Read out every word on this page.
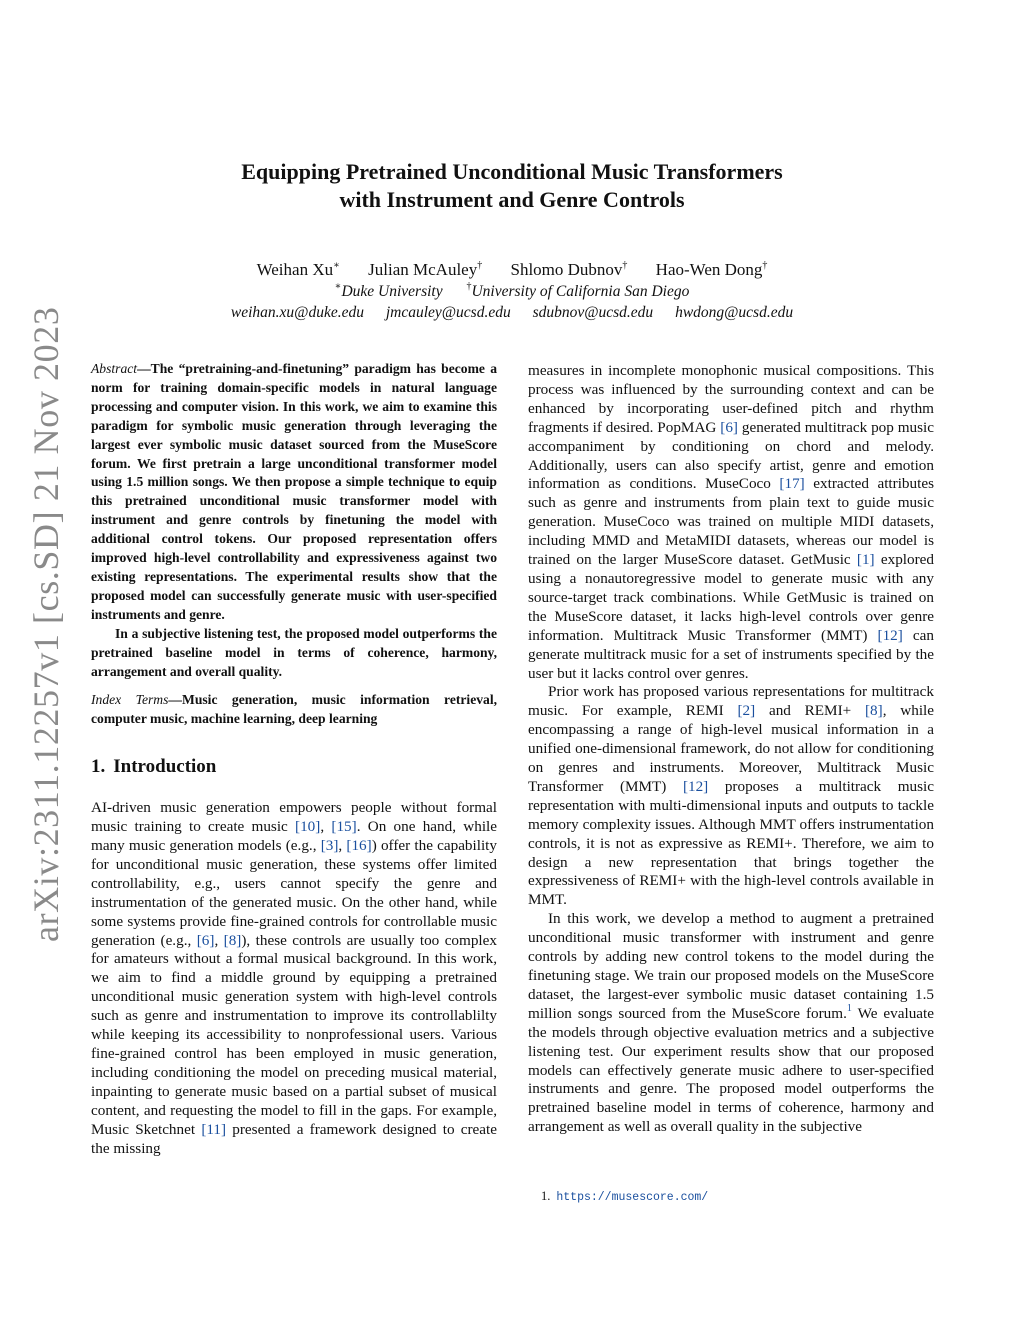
arXiv:2311.12257v1 [cs.SD] 21 Nov 2023
Equipping Pretrained Unconditional Music Transformers
with Instrument and Genre Controls
Weihan Xu∗ Julian McAuley† Shlomo Dubnov† Hao-Wen Dong†
∗Duke University †University of California San Diego
weihan.xu@duke.edu jmcauley@ucsd.edu sdubnov@ucsd.edu hwdong@ucsd.edu

Abstract—The “pretraining-and-finetuning” paradigm has become a norm for training domain-specific models in natural language processing and computer vision. In this work, we aim to examine this paradigm for symbolic music generation through leveraging the largest ever symbolic music dataset sourced from the MuseScore forum. We first pretrain a large unconditional transformer model using 1.5 million songs. We then propose a simple technique to equip this pretrained unconditional music transformer model with instrument and genre controls by finetuning the model with additional control tokens. Our proposed representation offers improved high-level controllability and expressiveness against two existing representations. The experimental results show that the proposed model can successfully generate music with user-specified instruments and genre.

In a subjective listening test, the proposed model outperforms the pretrained baseline model in terms of coherence, harmony, arrangement and overall quality.

Index Terms—Music generation, music information retrieval, computer music, machine learning, deep learning

1. Introduction

AI-driven music generation empowers people without formal music training to create music [10], [15]. On one hand, while many music generation models (e.g., [3], [16]) offer the capability for unconditional music generation, these systems offer limited controllability, e.g., users cannot specify the genre and instrumentation of the generated music. On the other hand, while some systems provide fine-grained controls for controllable music generation (e.g., [6], [8]), these controls are usually too complex for amateurs without a formal musical background. In this work, we aim to find a middle ground by equipping a pretrained unconditional music generation system with high-level controls such as genre and instrumentation to improve its controllablilty while keeping its accessibility to nonprofessional users. Various fine-grained control has been employed in music generation, including conditioning the model on preceding musical material, inpainting to generate music based on a partial subset of musical content, and requesting the model to fill in the gaps. For example, Music Sketchnet [11] presented a framework designed to create the missing

measures in incomplete monophonic musical compositions. This process was influenced by the surrounding context and can be enhanced by incorporating user-defined pitch and rhythm fragments if desired. PopMAG [6] generated multitrack pop music accompaniment by conditioning on chord and melody. Additionally, users can also specify artist, genre and emotion information as conditions. MuseCoco [17] extracted attributes such as genre and instruments from plain text to guide music generation. MuseCoco was trained on multiple MIDI datasets, including MMD and MetaMIDI datasets, whereas our model is trained on the larger MuseScore dataset. GetMusic [1] explored using a nonautoregressive model to generate music with any source-target track combinations. While GetMusic is trained on the MuseScore dataset, it lacks high-level controls over genre information. Multitrack Music Transformer (MMT) [12] can generate multitrack music for a set of instruments specified by the user but it lacks control over genres.

Prior work has proposed various representations for multitrack music. For example, REMI [2] and REMI+ [8], while encompassing a range of high-level musical information in a unified one-dimensional framework, do not allow for conditioning on genres and instruments. Moreover, Multitrack Music Transformer (MMT) [12] proposes a multitrack music representation with multi-dimensional inputs and outputs to tackle memory complexity issues. Although MMT offers instrumentation controls, it is not as expressive as REMI+. Therefore, we aim to design a new representation that brings together the expressiveness of REMI+ with the high-level controls available in MMT.

In this work, we develop a method to augment a pretrained unconditional music transformer with instrument and genre controls by adding new control tokens to the model during the finetuning stage. We train our proposed models on the MuseScore dataset, the largest-ever symbolic music dataset containing 1.5 million songs sourced from the MuseScore forum.$^1$ We evaluate the models through objective evaluation metrics and a subjective listening test. Our experiment results show that our proposed models can effectively generate music adhere to user-specified instruments and genre. The proposed model outperforms the pretrained baseline model in terms of coherence, harmony and arrangement as well as overall quality in the subjective

1. https://musescore.com/
